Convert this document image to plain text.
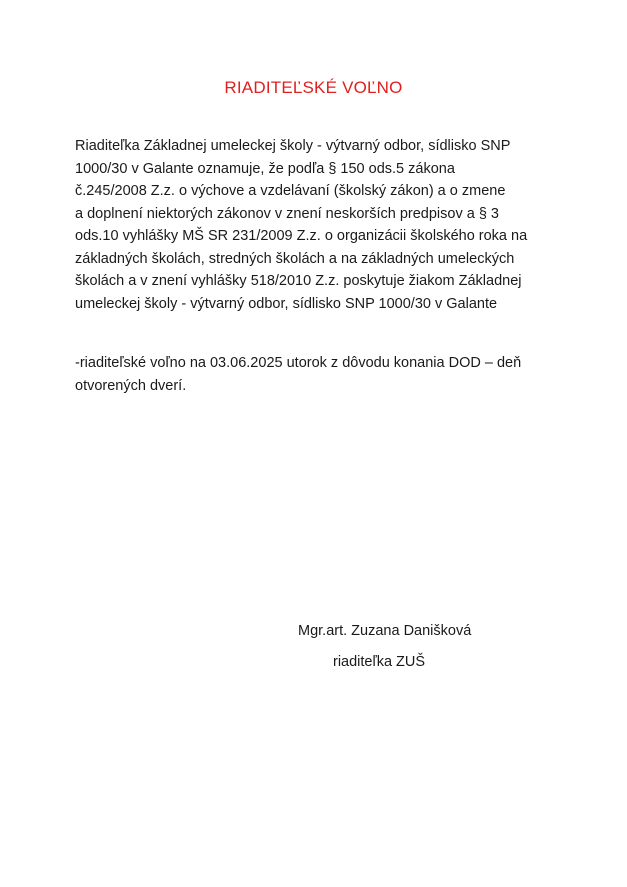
RIADITEĽSKÉ VOĽNO
Riaditeľka Základnej umeleckej školy - výtvarný odbor, sídlisko SNP
1000/30 v Galante oznamuje, že podľa § 150 ods.5 zákona
č.245/2008 Z.z. o výchove a vzdelávaní (školský zákon) a o zmene
a doplnení niektorých zákonov v znení neskorších predpisov a § 3
ods.10 vyhlášky MŠ SR 231/2009 Z.z. o organizácii školského roka na
základných školách, stredných školách a na základných umeleckých
školách a v znení vyhlášky 518/2010 Z.z. poskytuje žiakom Základnej
umeleckej školy - výtvarný odbor, sídlisko SNP 1000/30 v Galante
-riaditeľské voľno na 03.06.2025 utorok z dôvodu konania DOD – deň
otvorených dverí.
Mgr.art. Zuzana Danišková
riaditeľka ZUŠ
